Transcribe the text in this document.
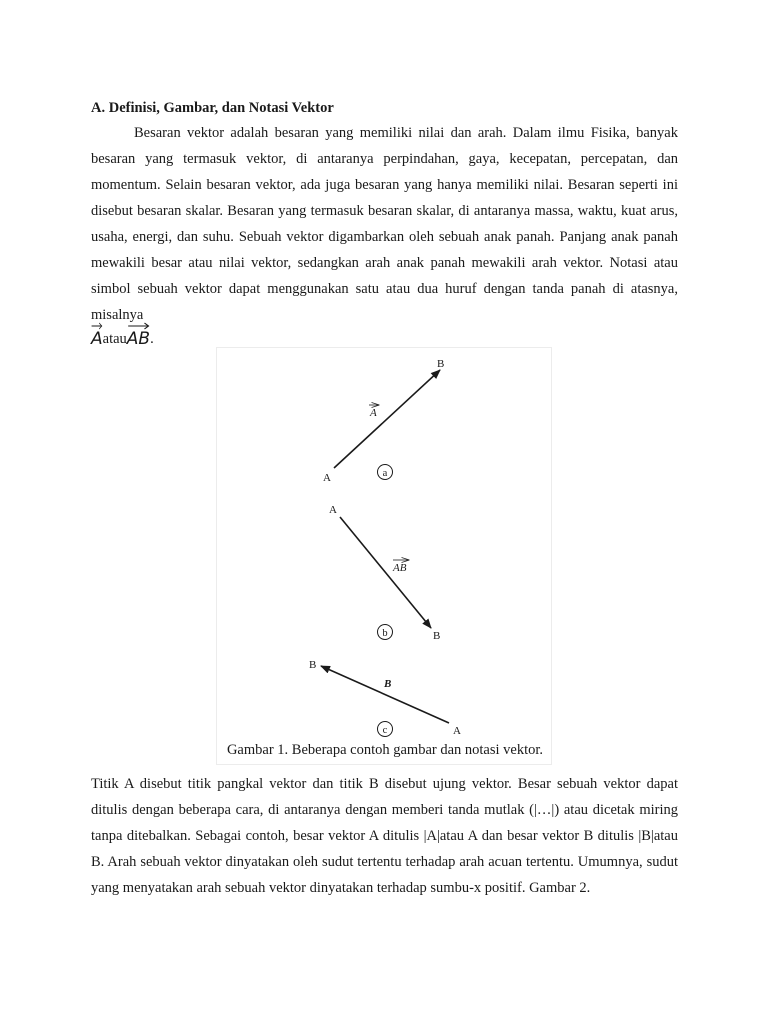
A. Definisi, Gambar, dan Notasi Vektor

Besaran vektor adalah besaran yang memiliki nilai dan arah. Dalam ilmu Fisika, banyak besaran yang termasuk vektor, di antaranya perpindahan, gaya, kecepatan, percepatan, dan momentum. Selain besaran vektor, ada juga besaran yang hanya memiliki nilai. Besaran seperti ini disebut besaran skalar. Besaran yang termasuk besaran skalar, di antaranya massa, waktu, kuat arus, usaha, energi, dan suhu. Sebuah vektor digambarkan oleh sebuah anak panah. Panjang anak panah mewakili besar atau nilai vektor, sedangkan arah anak panah mewakili arah vektor. Notasi atau simbol sebuah vektor dapat menggunakan satu atau dua huruf dengan tanda panah di atasnya, misalnya

A atau AB .
A
B
A
a
A
B
AB
b
B
A
B
c

Gambar 1. Beberapa contoh gambar dan notasi vektor.

Titik A disebut titik pangkal vektor dan titik B disebut ujung vektor. Besar sebuah vektor dapat ditulis dengan beberapa cara, di antaranya dengan memberi tanda mutlak (|…|) atau dicetak miring tanpa ditebalkan. Sebagai contoh, besar vektor A ditulis |A|atau A dan besar vektor B ditulis |B|atau B. Arah sebuah vektor dinyatakan oleh sudut tertentu terhadap arah acuan tertentu. Umumnya, sudut yang menyatakan arah sebuah vektor dinyatakan terhadap sumbu-x positif. Gambar 2.
